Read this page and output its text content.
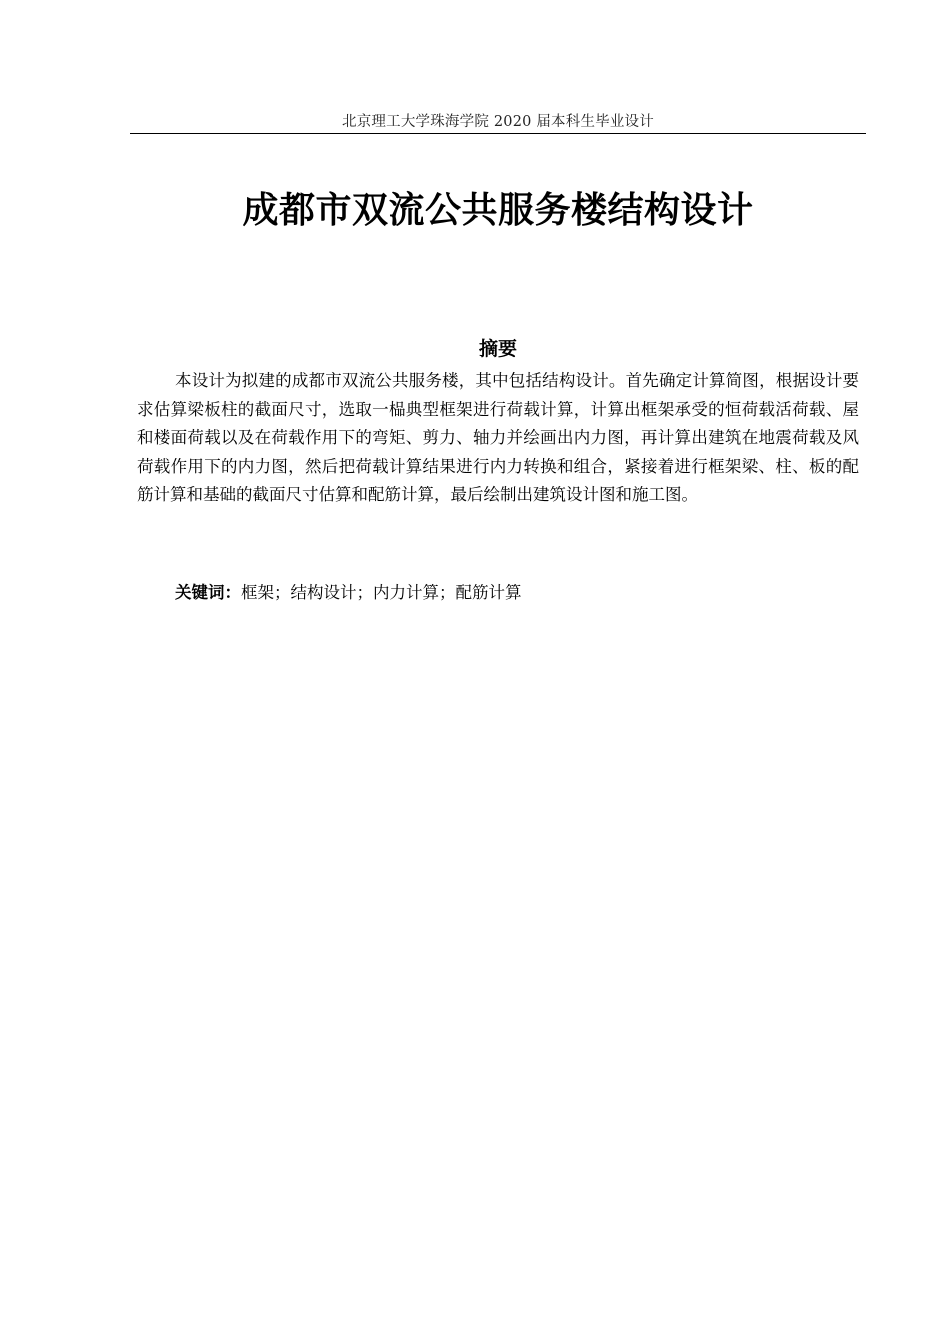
北京理工大学珠海学院 2020 届本科生毕业设计
成都市双流公共服务楼结构设计
摘要

本设计为拟建的成都市双流公共服务楼，其中包括结构设计。首先确定计算简图，根据设计要求估算梁板柱的截面尺寸，选取一榀典型框架进行荷载计算，计算出框架承受的恒荷载活荷载、屋和楼面荷载以及在荷载作用下的弯矩、剪力、轴力并绘画出内力图，再计算出建筑在地震荷载及风荷载作用下的内力图，然后把荷载计算结果进行内力转换和组合，紧接着进行框架梁、柱、板的配筋计算和基础的截面尺寸估算和配筋计算，最后绘制出建筑设计图和施工图。

关键词：框架；结构设计；内力计算；配筋计算
